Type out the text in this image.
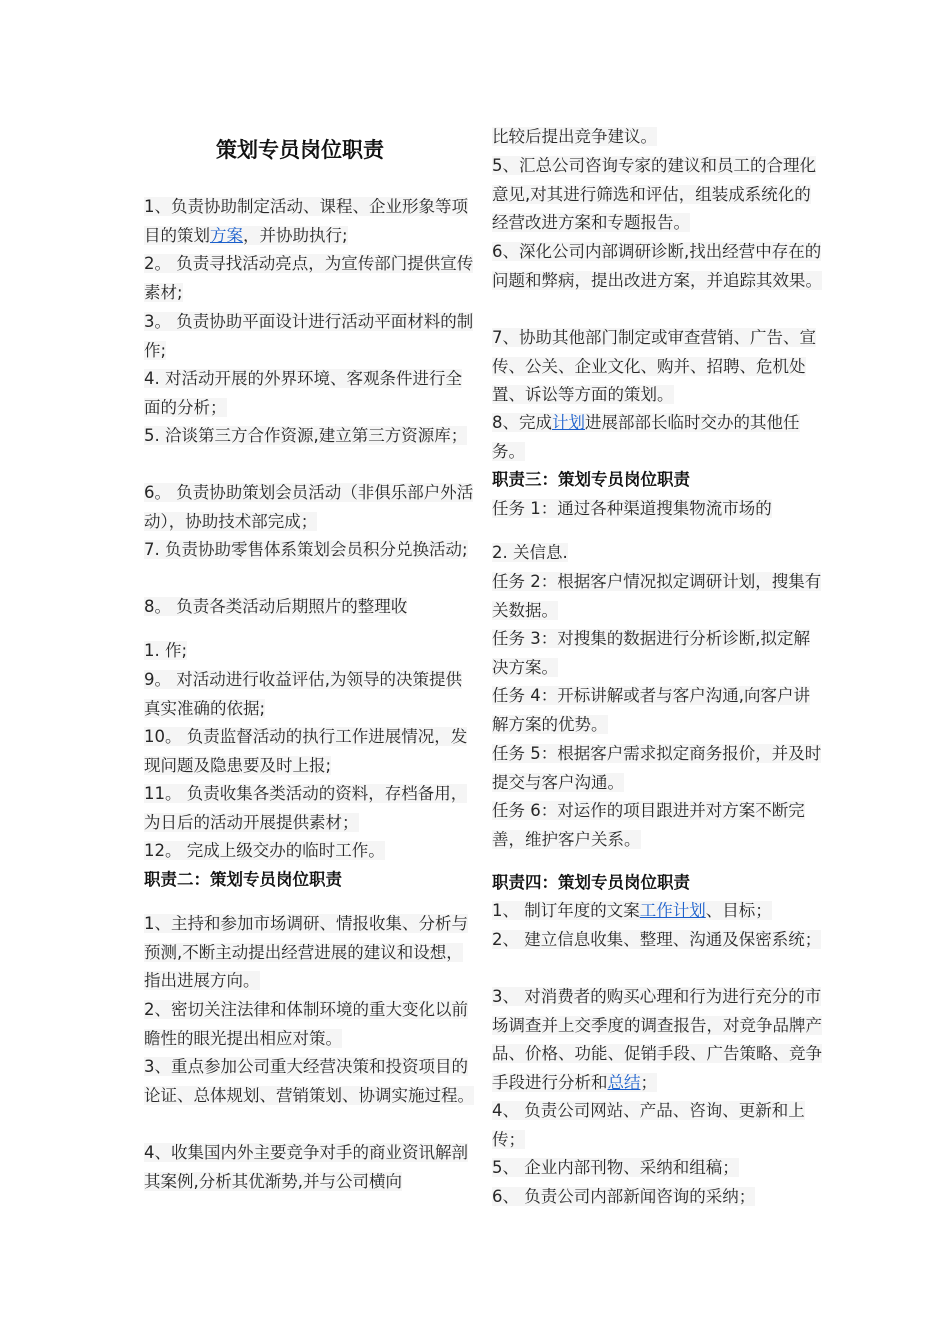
策划专员岗位职责
1、负责协助制定活动、课程、企业形象等项目的策划方案，并协助执行;
2。 负责寻找活动亮点，为宣传部门提供宣传素材;
3。 负责协助平面设计进行活动平面材料的制作;
4. 对活动开展的外界环境、客观条件进行全面的分析；
5. 洽谈第三方合作资源,建立第三方资源库；
6。 负责协助策划会员活动（非俱乐部户外活动），协助技术部完成；
7. 负责协助零售体系策划会员积分兑换活动;
8。 负责各类活动后期照片的整理收
1. 作;
9。 对活动进行收益评估,为领导的决策提供真实准确的依据;
10。 负责监督活动的执行工作进展情况，发现问题及隐患要及时上报;
11。 负责收集各类活动的资料，存档备用，为日后的活动开展提供素材；
12。 完成上级交办的临时工作。
职责二：策划专员岗位职责
1、主持和参加市场调研、情报收集、分析与预测,不断主动提出经营进展的建议和设想，指出进展方向。
2、密切关注法律和体制环境的重大变化以前瞻性的眼光提出相应对策。
3、重点参加公司重大经营决策和投资项目的论证、总体规划、营销策划、协调实施过程。
4、收集国内外主要竞争对手的商业资讯解剖其案例,分析其优渐势,并与公司横向
比较后提出竞争建议。
5、汇总公司咨询专家的建议和员工的合理化意见,对其进行筛选和评估，组装成系统化的经营改进方案和专题报告。
6、深化公司内部调研诊断,找出经营中存在的问题和弊病，提出改进方案，并追踪其效果。
7、协助其他部门制定或审查营销、广告、宣传、公关、企业文化、购并、招聘、危机处置、诉讼等方面的策划。
8、完成计划进展部部长临时交办的其他任务。
职责三：策划专员岗位职责
任务 1：通过各种渠道搜集物流市场的
2. 关信息.
任务 2：根据客户情况拟定调研计划，搜集有关数据。
任务 3：对搜集的数据进行分析诊断,拟定解决方案。
任务 4：开标讲解或者与客户沟通,向客户讲解方案的优势。
任务 5：根据客户需求拟定商务报价，并及时提交与客户沟通。
任务 6：对运作的项目跟进并对方案不断完善，维护客户关系。
职责四：策划专员岗位职责
1、 制订年度的文案工作计划、目标；
2、 建立信息收集、整理、沟通及保密系统；
3、 对消费者的购买心理和行为进行充分的市场调查并上交季度的调查报告，对竞争品牌产品、价格、功能、促销手段、广告策略、竞争手段进行分析和总结；
4、 负责公司网站、产品、咨询、更新和上传；
5、 企业内部刊物、采纳和组稿；
6、 负责公司内部新闻咨询的采纳；
